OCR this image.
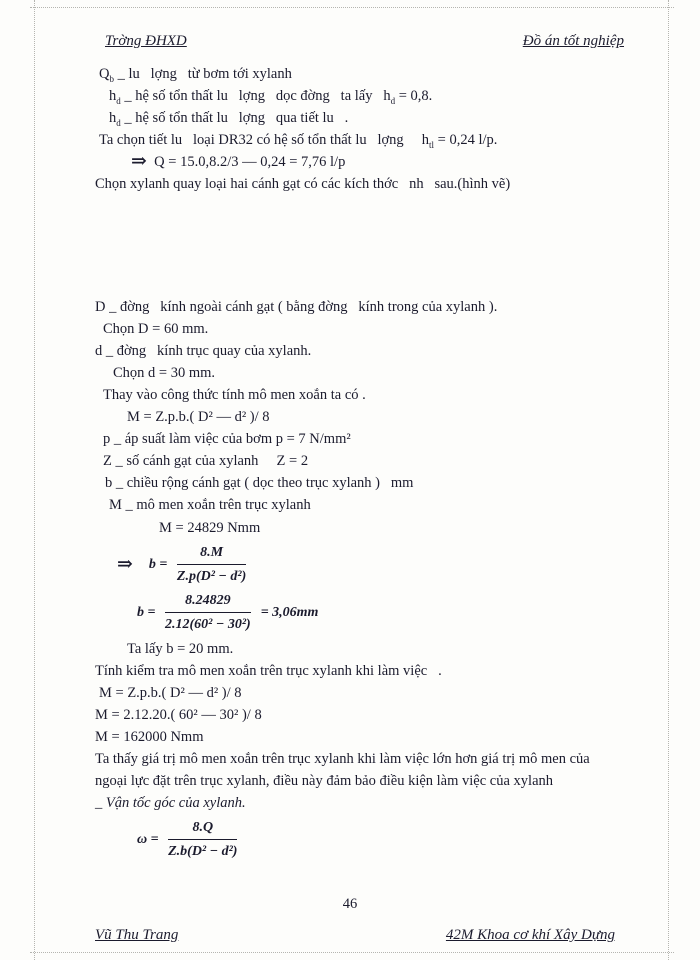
Trờng ĐHXD	Đồ án tốt nghiệp
$Q_b$ _ lu   lợng   từ bơm tới xylanh
$h_d$ _ hệ số tổn thất lu   lợng   dọc đờng   ta lấy   $h_d = 0,8$.
$h_d$ _ hệ số tổn thất lu   lợng   qua tiết lu   .
Ta chọn tiết lu   loại DR32 có hệ số tổn thất lu   lợng     $h_{tl} = 0,24$ l/p.
⇒  Q = 15.0,8.2/3 — 0,24 = 7,76 l/p
Chọn xylanh quay loại hai cánh gạt có các kích thớc   nh   sau.(hình vẽ)
D _ đờng   kính ngoài cánh gạt ( bằng đờng   kính trong của xylanh ).
Chọn D = 60 mm.
d _ đờng   kính trục quay của xylanh.
Chọn d = 30 mm.
Thay vào công thức tính mô men xoắn ta có .
M = Z.p.b.( D² — d² )/ 8
p _ áp suất làm việc của bơm p = 7 N/mm²
Z _ số cánh gạt của xylanh     Z = 2
b _ chiều rộng cánh gạt ( dọc theo trục xylanh )   mm
M _ mô men xoắn trên trục xylanh
M = 24829 Nmm
⇒ $b = \frac{8.M}{\text{Z.p(D² − d²)}}$
$b = \frac{8.24829}{\text{2.12(60² − 30²)}} = 3,06mm$
Ta lấy b = 20 mm.
Tính kiểm tra mô men xoắn trên trục xylanh khi làm việc   .
M = Z.p.b.( D² — d² )/ 8
M = 2.12.20.( 60² — 30² )/ 8
M = 162000 Nmm
Ta thấy giá trị mô men xoắn trên trục xylanh khi làm việc lớn hơn giá trị mô men của ngoại lực đặt trên trục xylanh, điều này đảm bảo điều kiện làm việc của xylanh
_ Vận tốc góc của xylanh.
$\omega = \frac{8.Q}{\text{Z.b(D² − d²)}}$
46
Vũ Thu Trang	42M Khoa cơ khí Xây Dựng
